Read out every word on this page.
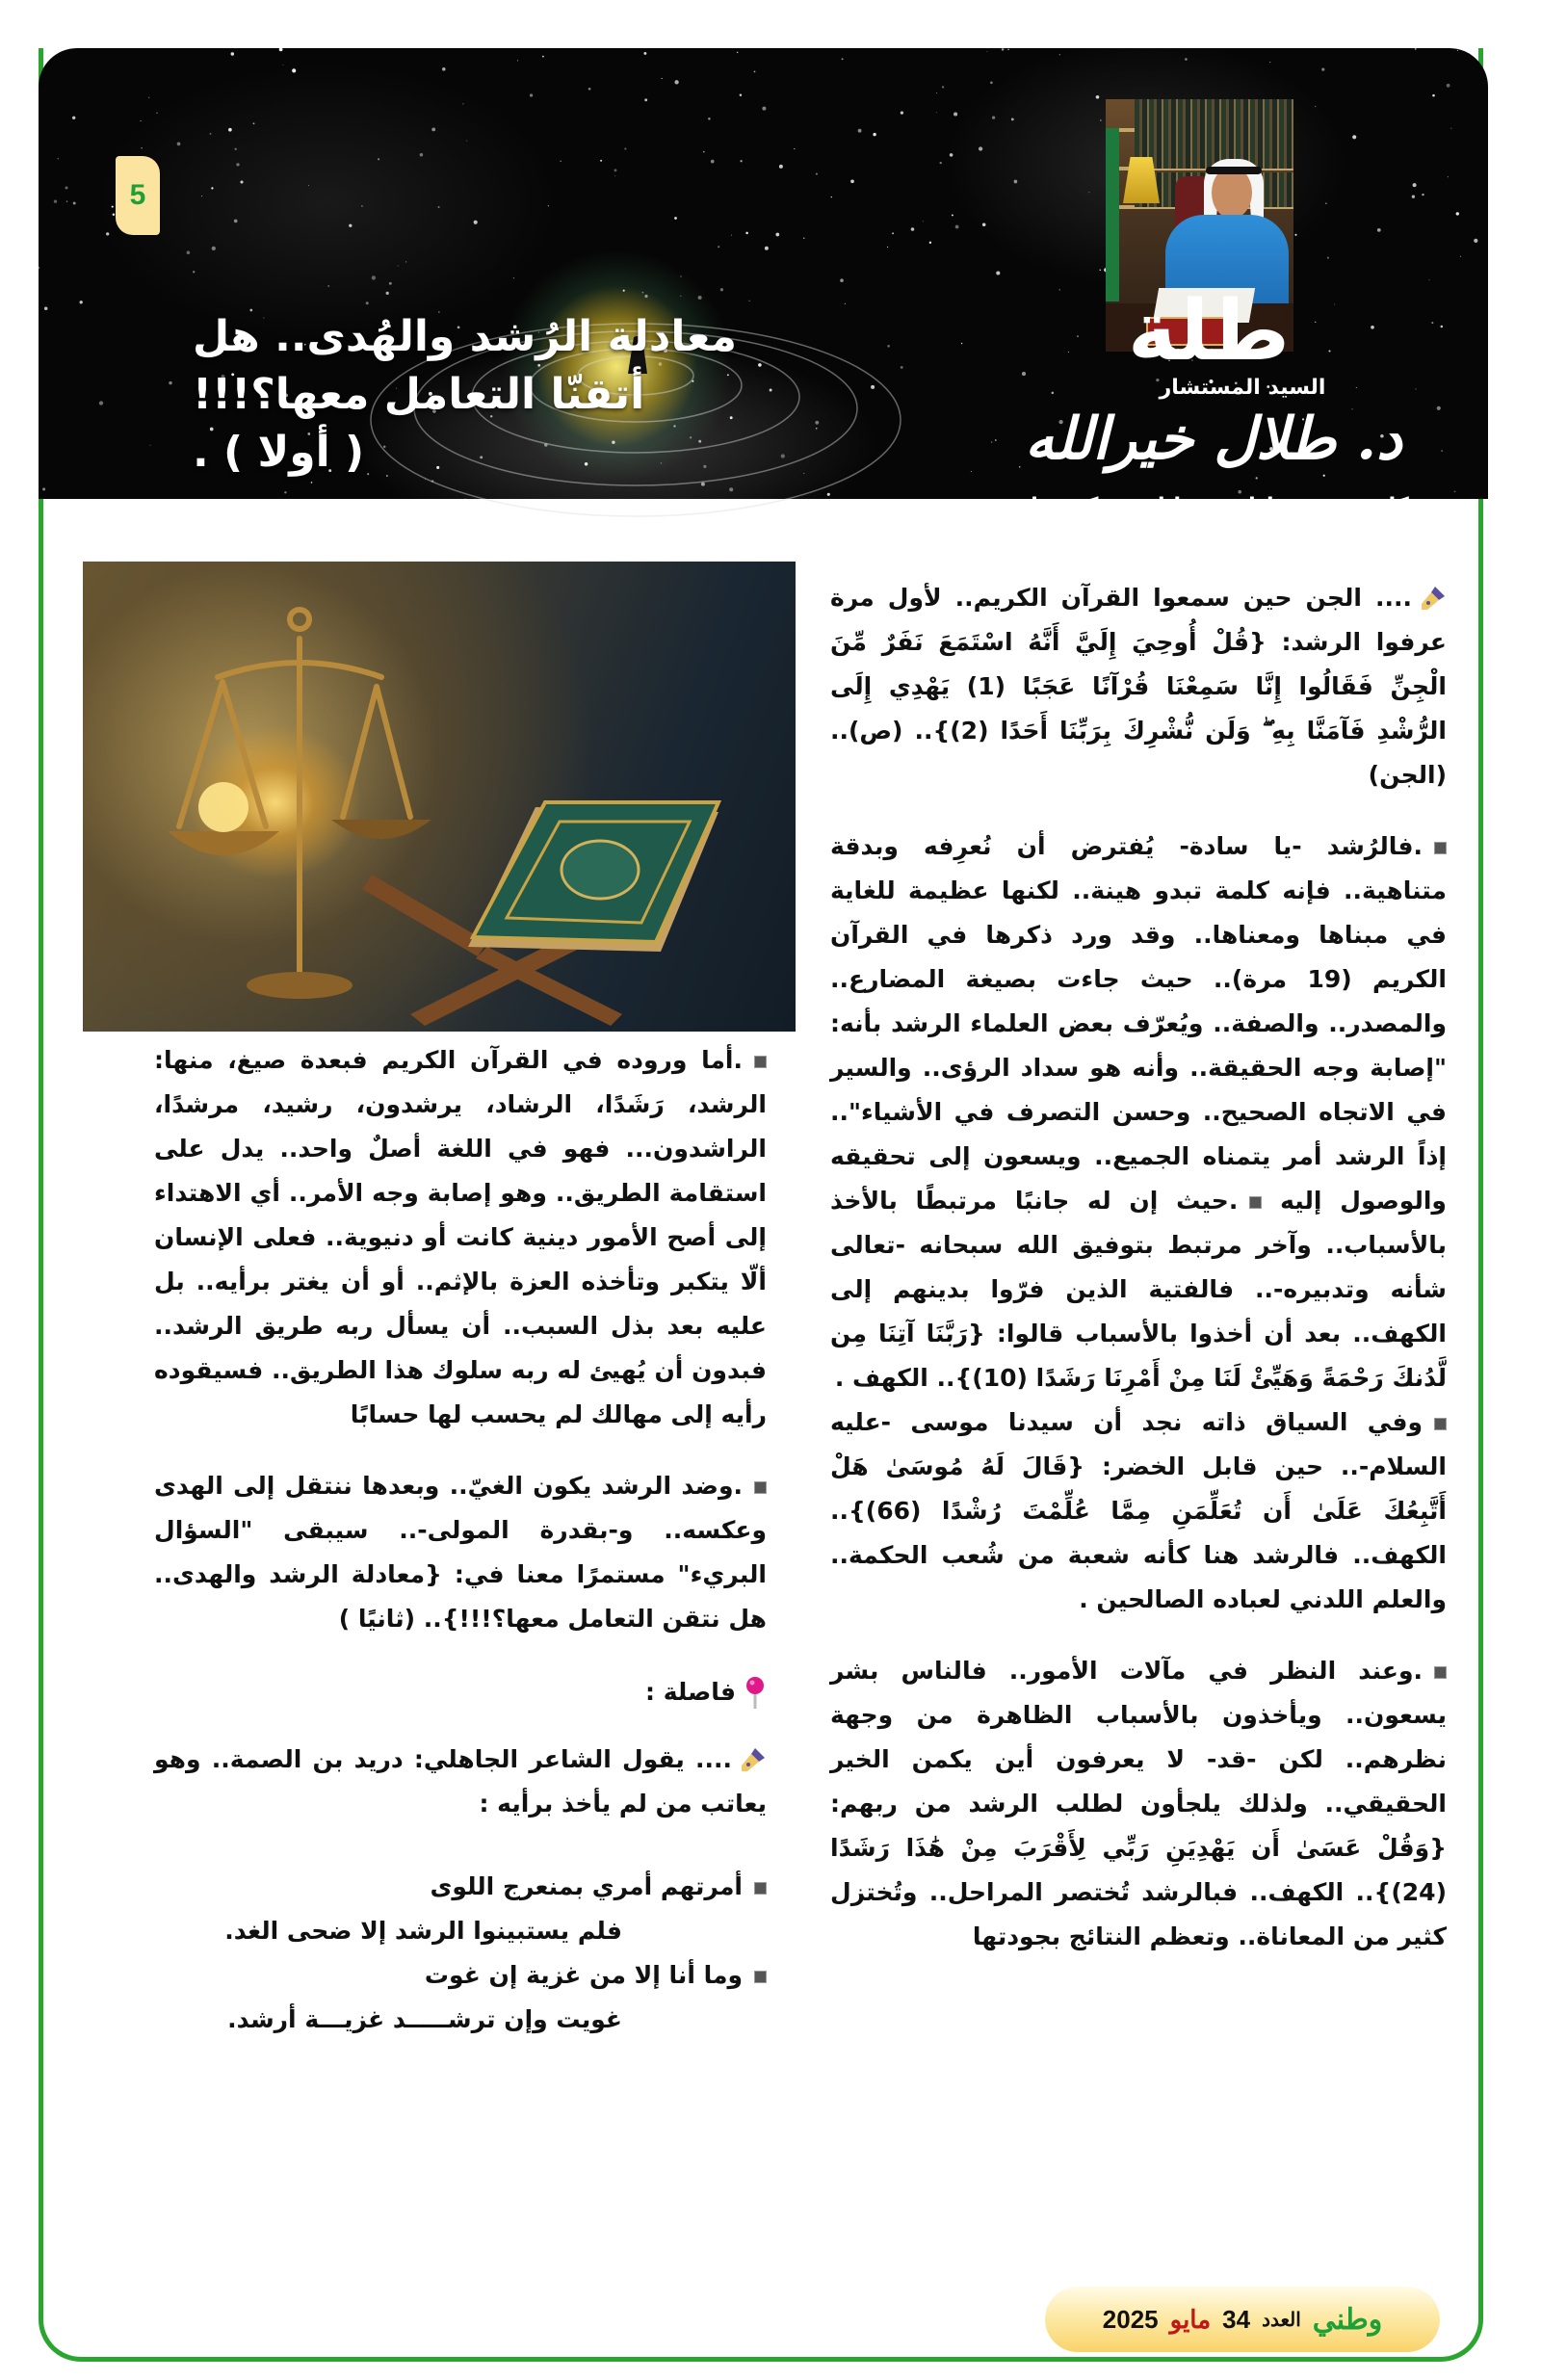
5
معادلة الرُشد والهُدى.. هل
أتقنّا التعامل معها؟!!!
( أولا ) .
طلة
السيد المستشار
د. طلال خيرالله
كاتب .: خبير إدارة قضايا .. محكم دولي

.... الجن حين سمعوا القرآن الكريم.. لأول مرة عرفوا الرشد: {قُلْ أُوحِيَ إِلَيَّ أَنَّهُ اسْتَمَعَ نَفَرٌ مِّنَ الْجِنِّ فَقَالُوا إِنَّا سَمِعْنَا قُرْآنًا عَجَبًا (1) يَهْدِي إِلَى الرُّشْدِ فَآمَنَّا بِهِ ۖ وَلَن نُّشْرِكَ بِرَبِّنَا أَحَدًا (2)}.. (ص).. (الجن)

.فالرُشد -يا سادة- يُفترض أن نُعرِفه وبدقة متناهية.. فإنه كلمة تبدو هينة.. لكنها عظيمة للغاية في مبناها ومعناها.. وقد ورد ذكرها في القرآن الكريم (19 مرة).. حيث جاءت بصيغة المضارع.. والمصدر.. والصفة.. ويُعرّف بعض العلماء الرشد بأنه: "إصابة وجه الحقيقة.. وأنه هو سداد الرؤى.. والسير في الاتجاه الصحيح.. وحسن التصرف في الأشياء".. إذاً الرشد أمر يتمناه الجميع.. ويسعون إلى تحقيقه والوصول إليه .حيث إن له جانبًا مرتبطًا بالأخذ بالأسباب.. وآخر مرتبط بتوفيق الله سبحانه -تعالى شأنه وتدبيره-.. فالفتية الذين فرّوا بدينهم إلى الكهف.. بعد أن أخذوا بالأسباب قالوا: {رَبَّنَا آتِنَا مِن لَّدُنكَ رَحْمَةً وَهَيِّئْ لَنَا مِنْ أَمْرِنَا رَشَدًا (10)}.. الكهف .
وفي السياق ذاته نجد أن سيدنا موسى -عليه السلام-.. حين قابل الخضر: {قَالَ لَهُ مُوسَىٰ هَلْ أَتَّبِعُكَ عَلَىٰ أَن تُعَلِّمَنِ مِمَّا عُلِّمْتَ رُشْدًا (66)}.. الكهف.. فالرشد هنا كأنه شعبة من شُعب الحكمة.. والعلم اللدني لعباده الصالحين .

.وعند النظر في مآلات الأمور.. فالناس بشر يسعون.. ويأخذون بالأسباب الظاهرة من وجهة نظرهم.. لكن -قد- لا يعرفون أين يكمن الخير الحقيقي.. ولذلك يلجأون لطلب الرشد من ربهم: {وَقُلْ عَسَىٰ أَن يَهْدِيَنِ رَبِّي لِأَقْرَبَ مِنْ هَٰذَا رَشَدًا (24)}.. الكهف.. فبالرشد تُختصر المراحل.. وتُختزل كثير من المعاناة.. وتعظم النتائج بجودتها

.أما وروده في القرآن الكريم فبعدة صيغ، منها: الرشد، رَشَدًا، الرشاد، يرشدون، رشيد، مرشدًا، الراشدون... فهو في اللغة أصلٌ واحد.. يدل على استقامة الطريق.. وهو إصابة وجه الأمر.. أي الاهتداء إلى أصح الأمور دينية كانت أو دنيوية.. فعلى الإنسان ألّا يتكبر وتأخذه العزة بالإثم.. أو أن يغتر برأيه.. بل عليه بعد بذل السبب.. أن يسأل ربه طريق الرشد.. فبدون أن يُهيئ له ربه سلوك هذا الطريق.. فسيقوده رأيه إلى مهالك لم يحسب لها حسابًا

.وضد الرشد يكون الغيّ.. وبعدها ننتقل إلى الهدى وعكسه.. و-بقدرة المولى-.. سيبقى "السؤال البريء" مستمرًا معنا في: {معادلة الرشد والهدى.. هل نتقن التعامل معها؟!!!}.. (ثانيًا )

فاصلة :

.... يقول الشاعر الجاهلي: دريد بن الصمة.. وهو يعاتب من لم يأخذ برأيه :

أمرتهم أمري بمنعرج اللوى
فلم يستبينوا الرشد إلا ضحى الغد.
وما أنا إلا من غزية إن غوت
غويت وإن ترشـــــد غزيـــة أرشد.
وطني
العدد
34
مايو
2025
